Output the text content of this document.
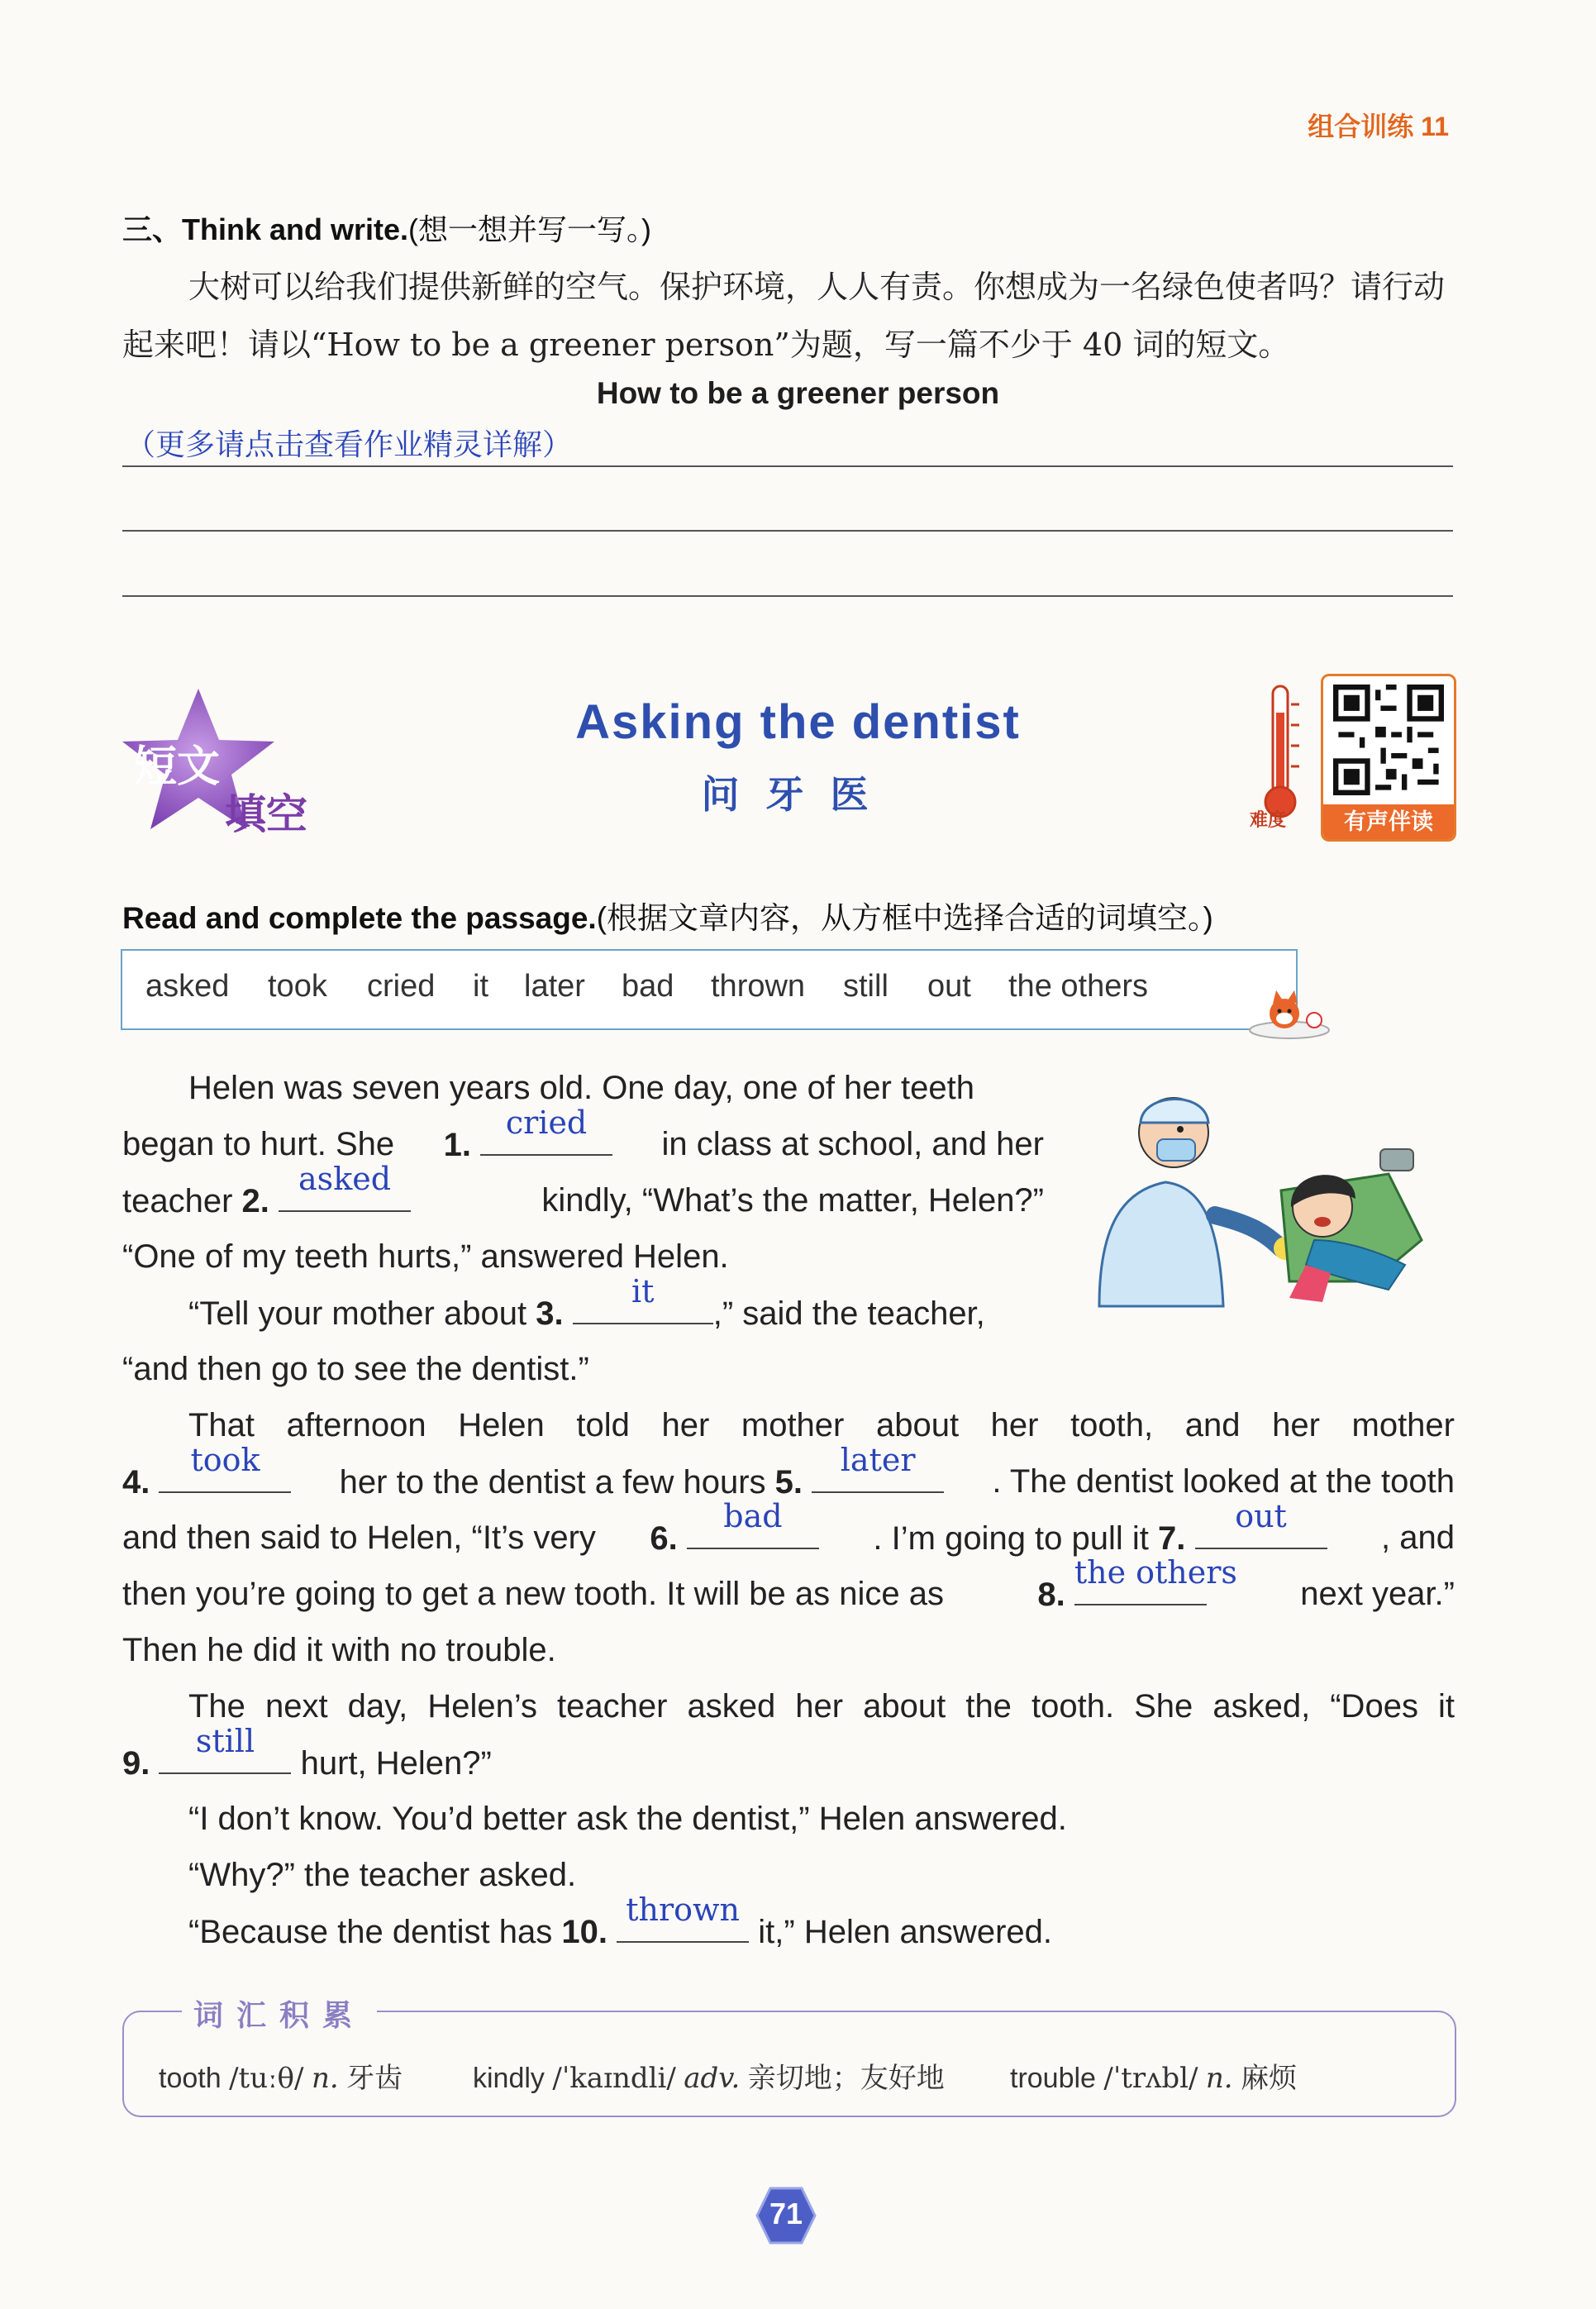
组合训练 11
三、Think and write.(想一想并写一写。)
大树可以给我们提供新鲜的空气。保护环境，人人有责。你想成为一名绿色使者吗？请行动起来吧！请以“How to be a greener person”为题，写一篇不少于 40 词的短文。
How to be a greener person
（更多请点击查看作业精灵详解）
短文
填空
Asking the dentist
问牙医
难度	有声伴读
Read and complete the passage.(根据文章内容，从方框中选择合适的词填空。)
asked took cried it later bad thrown still out the others
Helen was seven years old. One day, one of her teeth
began to hurt. She 1.
cried
in class at school, and her
teacher 2.
asked
kindly, “What’s the matter, Helen?”
“One of my teeth hurts,” answered Helen.
“Tell your mother about 3.
it
,” said the teacher,
“and then go to see the dentist.”
That afternoon Helen told her mother about her tooth, and her mother
4.
took
her to the dentist a few hours 5.
later
. The dentist looked at the tooth
and then said to Helen, “It’s very 6.
bad
. I’m going to pull it 7.
out
, and
then you’re going to get a new tooth. It will be as nice as	8.
the others
next year.”
Then he did it with no trouble.
The next day, Helen’s teacher asked her about the tooth. She asked, “Does it
9.
still
hurt, Helen?”
“I don’t know. You’d better ask the dentist,” Helen answered.
“Why?” the teacher asked.
“Because the dentist has 10.
thrown
it,” Helen answered.
词汇积累
tooth /tuːθ/ n. 牙齿 kindly /ˈkaɪndli/ adv. 亲切地；友好地 trouble /ˈtrʌbl/ n. 麻烦
71
